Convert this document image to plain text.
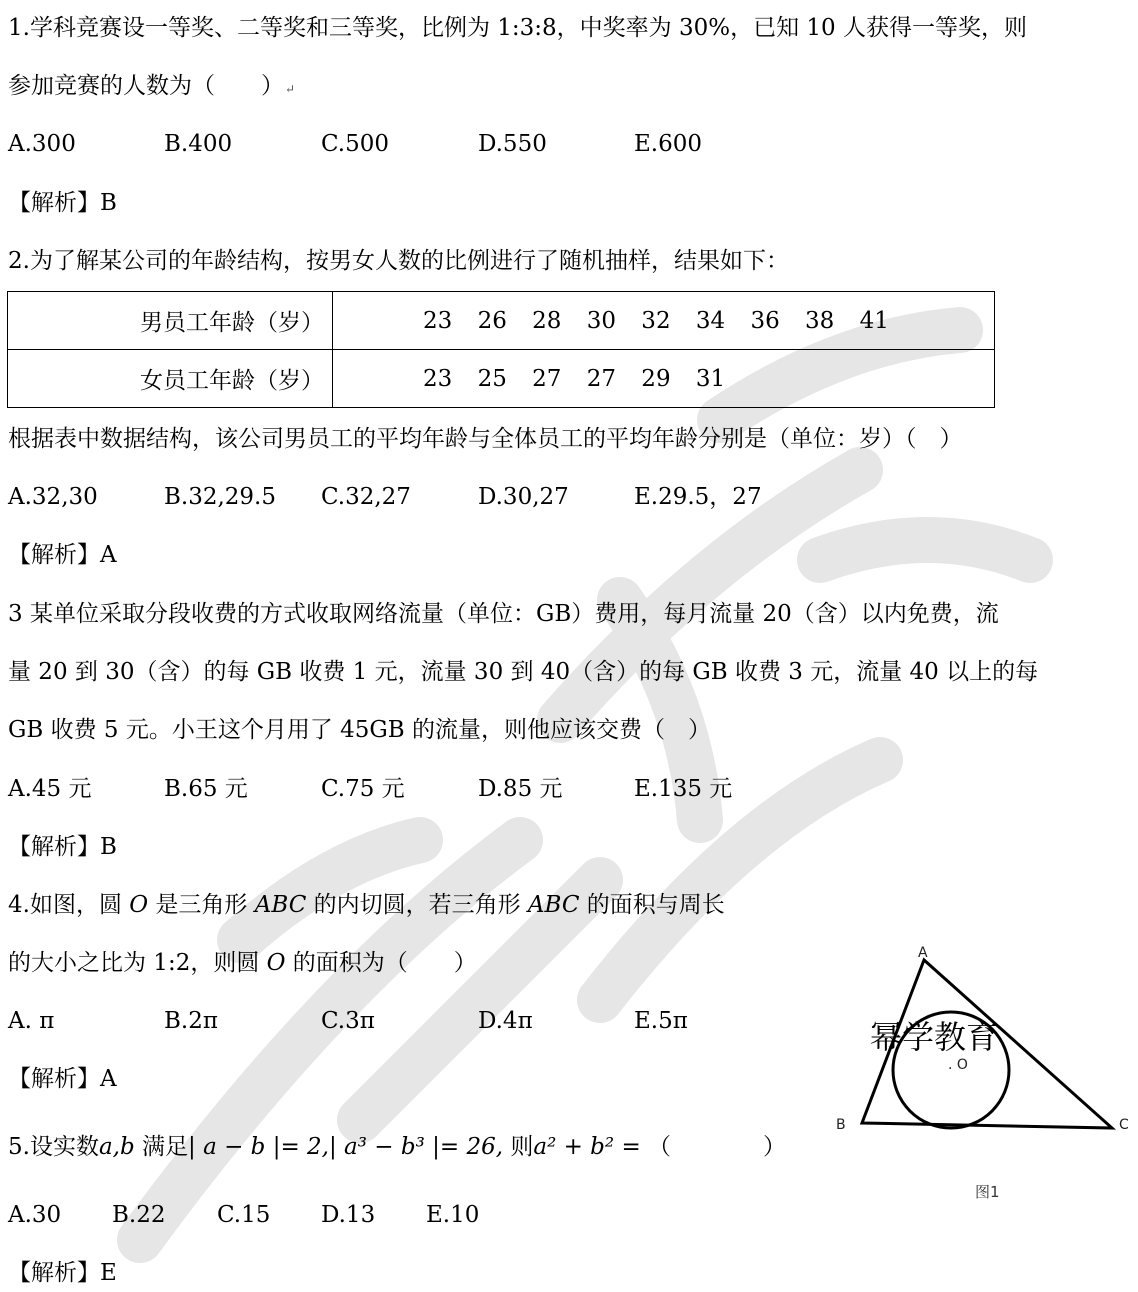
1.学科竞赛设一等奖、二等奖和三等奖，比例为 1:3:8，中奖率为 30%，已知 10 人获得一等奖，则
参加竞赛的人数为（　　）↵
A.300	B.400	C.500	D.550	E.600
【解析】B
2.为了解某公司的年龄结构，按男女人数的比例进行了随机抽样，结果如下：
男员工年龄（岁）	23 26 28 30 32 34 36 38 41
女员工年龄（岁）	23 25 27 27 29 31
根据表中数据结构，该公司男员工的平均年龄与全体员工的平均年龄分别是（单位：岁）（　）
A.32,30	B.32,29.5 C.32,27	D.30,27	E.29.5，27
【解析】A
3 某单位采取分段收费的方式收取网络流量（单位：GB）费用，每月流量 20（含）以内免费，流
量 20 到 30（含）的每 GB 收费 1 元，流量 30 到 40（含）的每 GB 收费 3 元，流量 40 以上的每
GB 收费 5 元。小王这个月用了 45GB 的流量，则他应该交费（　）
A.45 元	B.65 元	C.75 元	D.85 元	E.135 元
【解析】B
4.如图，圆 O 是三角形 ABC 的内切圆，若三角形 ABC 的面积与周长
的大小之比为 1:2，则圆 O 的面积为（　　）
A. π	B.2π	C.3π	D.4π	E.5π
【解析】A
A
B	C
. O
幂学教育
图1
5.设实数a,b 满足| a − b |= 2,| a³ − b³ |= 26, 则a² + b² = （　　　　）
A.30 B.22 C.15 D.13 E.10
【解析】E
